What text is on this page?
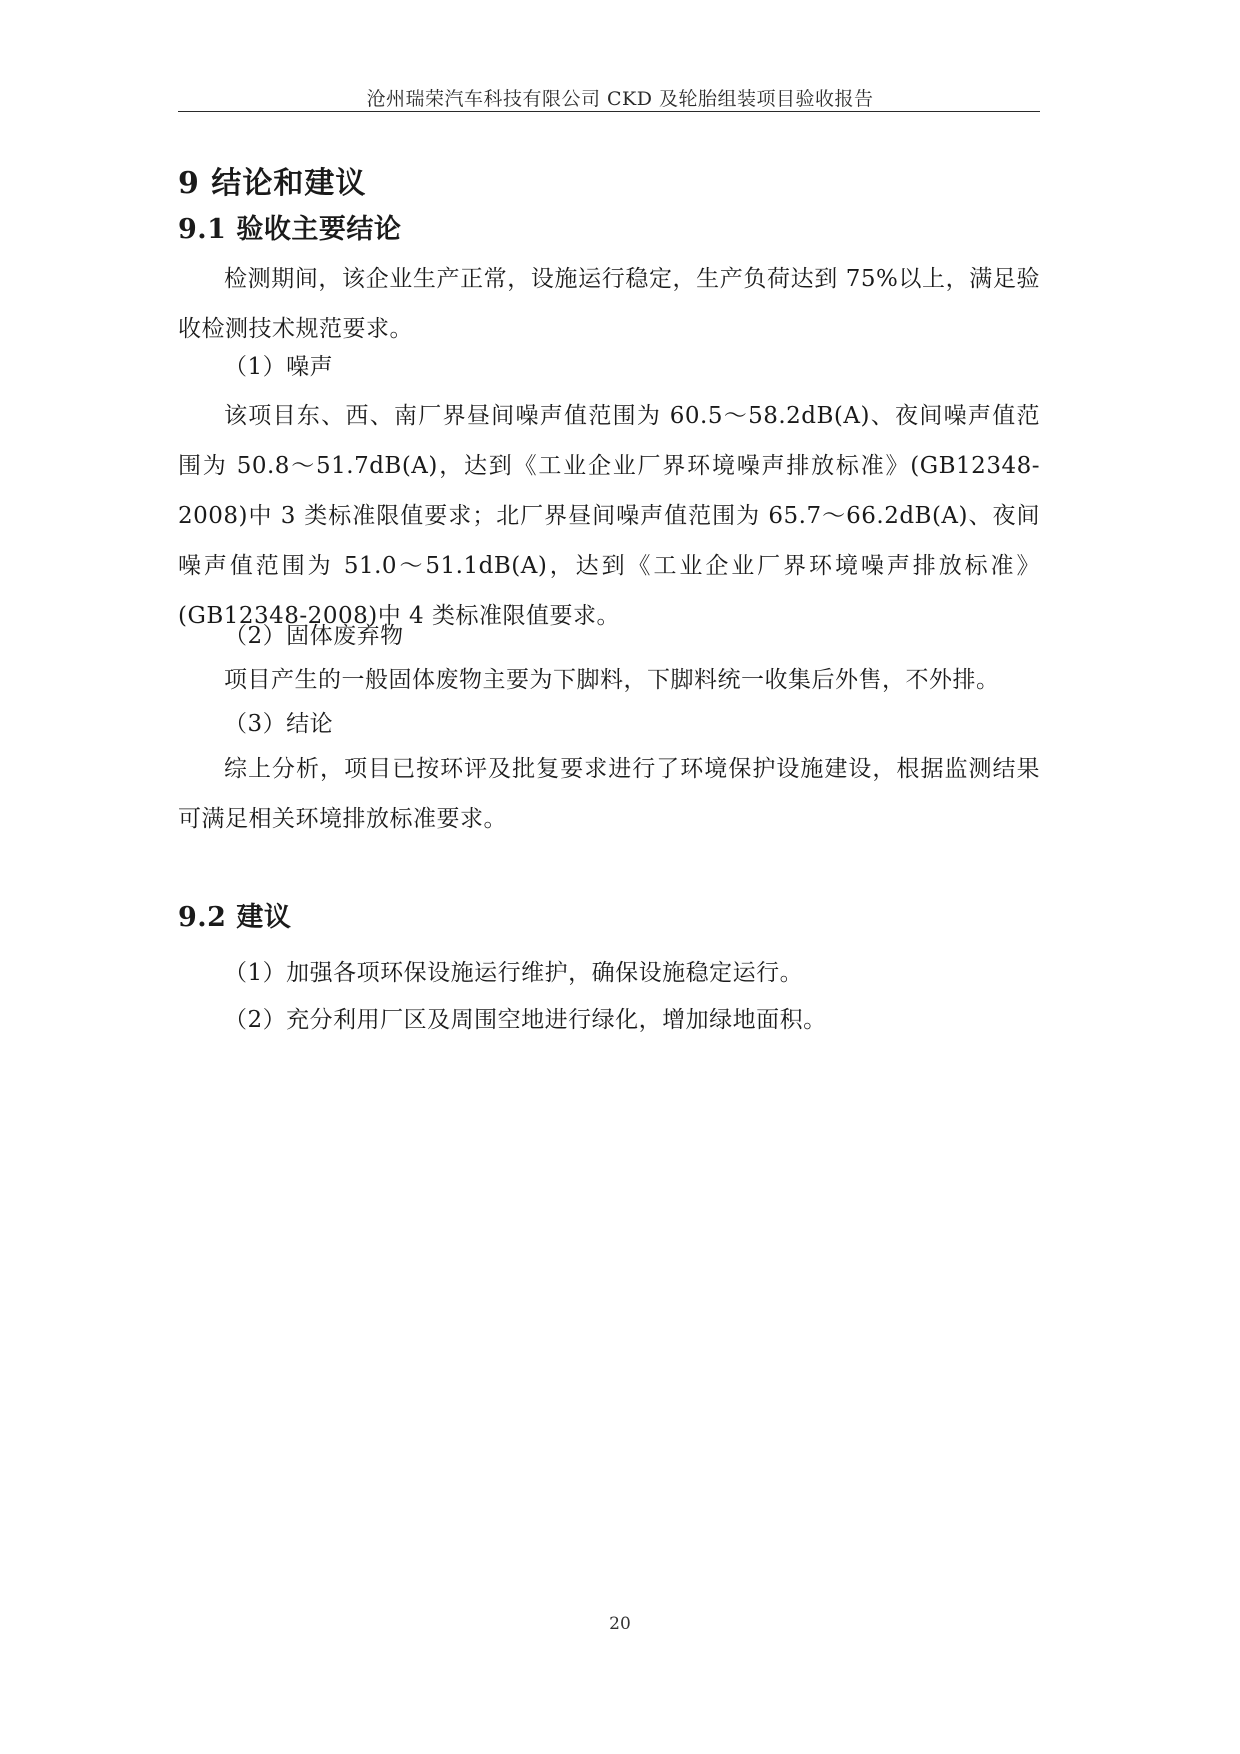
沧州瑞荣汽车科技有限公司 CKD 及轮胎组装项目验收报告
9 结论和建议
9.1 验收主要结论
检测期间，该企业生产正常，设施运行稳定，生产负荷达到 75%以上，满足验收检测技术规范要求。
（1）噪声
该项目东、西、南厂界昼间噪声值范围为 60.5～58.2dB(A)、夜间噪声值范围为 50.8～51.7dB(A)，达到《工业企业厂界环境噪声排放标准》(GB12348-2008)中 3 类标准限值要求；北厂界昼间噪声值范围为 65.7～66.2dB(A)、夜间噪声值范围为 51.0～51.1dB(A)，达到《工业企业厂界环境噪声排放标准》(GB12348-2008)中 4 类标准限值要求。
（2）固体废弃物
项目产生的一般固体废物主要为下脚料，下脚料统一收集后外售，不外排。
（3）结论
综上分析，项目已按环评及批复要求进行了环境保护设施建设，根据监测结果可满足相关环境排放标准要求。
9.2 建议
（1）加强各项环保设施运行维护，确保设施稳定运行。
（2）充分利用厂区及周围空地进行绿化，增加绿地面积。
20
